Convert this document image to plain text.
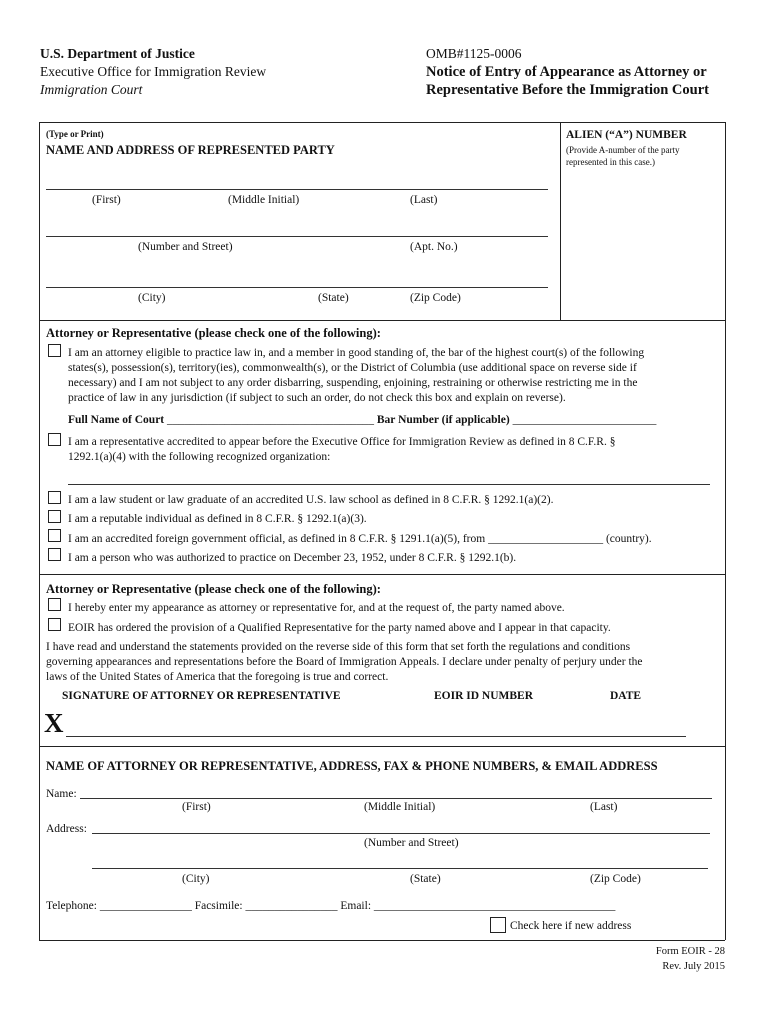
U.S. Department of Justice
Executive Office for Immigration Review
Immigration Court
OMB#1125-0006
Notice of Entry of Appearance as Attorney or
Representative Before the Immigration Court
(Type or Print)
NAME AND ADDRESS OF REPRESENTED PARTY
(First)	(Middle Initial)	(Last)
(Number and Street)	(Apt. No.)
(City)	(State)	(Zip Code)
ALIEN (“A”) NUMBER
(Provide A-number of the party
represented in this case.)
Attorney or Representative (please check one of the following):
I am an attorney eligible to practice law in, and a member in good standing of, the bar of the highest court(s) of the following
states(s), possession(s), territory(ies), commonwealth(s), or the District of Columbia (use additional space on reverse side if
necessary) and I am not subject to any order disbarring, suspending, enjoining, restraining or otherwise restricting me in the
practice of law in any jurisdiction (if subject to such an order, do not check this box and explain on reverse).
Full Name of Court ____________________________________ Bar Number (if applicable) _________________________
I am a representative accredited to appear before the Executive Office for Immigration Review as defined in 8 C.F.R. §
1292.1(a)(4) with the following recognized organization:
I am a law student or law graduate of an accredited U.S. law school as defined in 8 C.F.R. § 1292.1(a)(2).
I am a reputable individual as defined in 8 C.F.R. § 1292.1(a)(3).
I am an accredited foreign government official, as defined in 8 C.F.R. § 1291.1(a)(5), from ____________________ (country).
I am a person who was authorized to practice on December 23, 1952, under 8 C.F.R. § 1292.1(b).
Attorney or Representative (please check one of the following):
I hereby enter my appearance as attorney or representative for, and at the request of, the party named above.
EOIR has ordered the provision of a Qualified Representative for the party named above and I appear in that capacity.
I have read and understand the statements provided on the reverse side of this form that set forth the regulations and conditions
governing appearances and representations before the Board of Immigration Appeals. I declare under penalty of perjury under the
laws of the United States of America that the foregoing is true and correct.
SIGNATURE OF ATTORNEY OR REPRESENTATIVE	EOIR ID NUMBER	DATE
X
NAME OF ATTORNEY OR REPRESENTATIVE, ADDRESS, FAX & PHONE NUMBERS, & EMAIL ADDRESS
Name:
(First)	(Middle Initial)	(Last)
Address:
(Number and Street)
(City)	(State)	(Zip Code)
Telephone: ________________ Facsimile: ________________ Email: __________________________________________
Check here if new address
Form EOIR - 28
Rev. July 2015
